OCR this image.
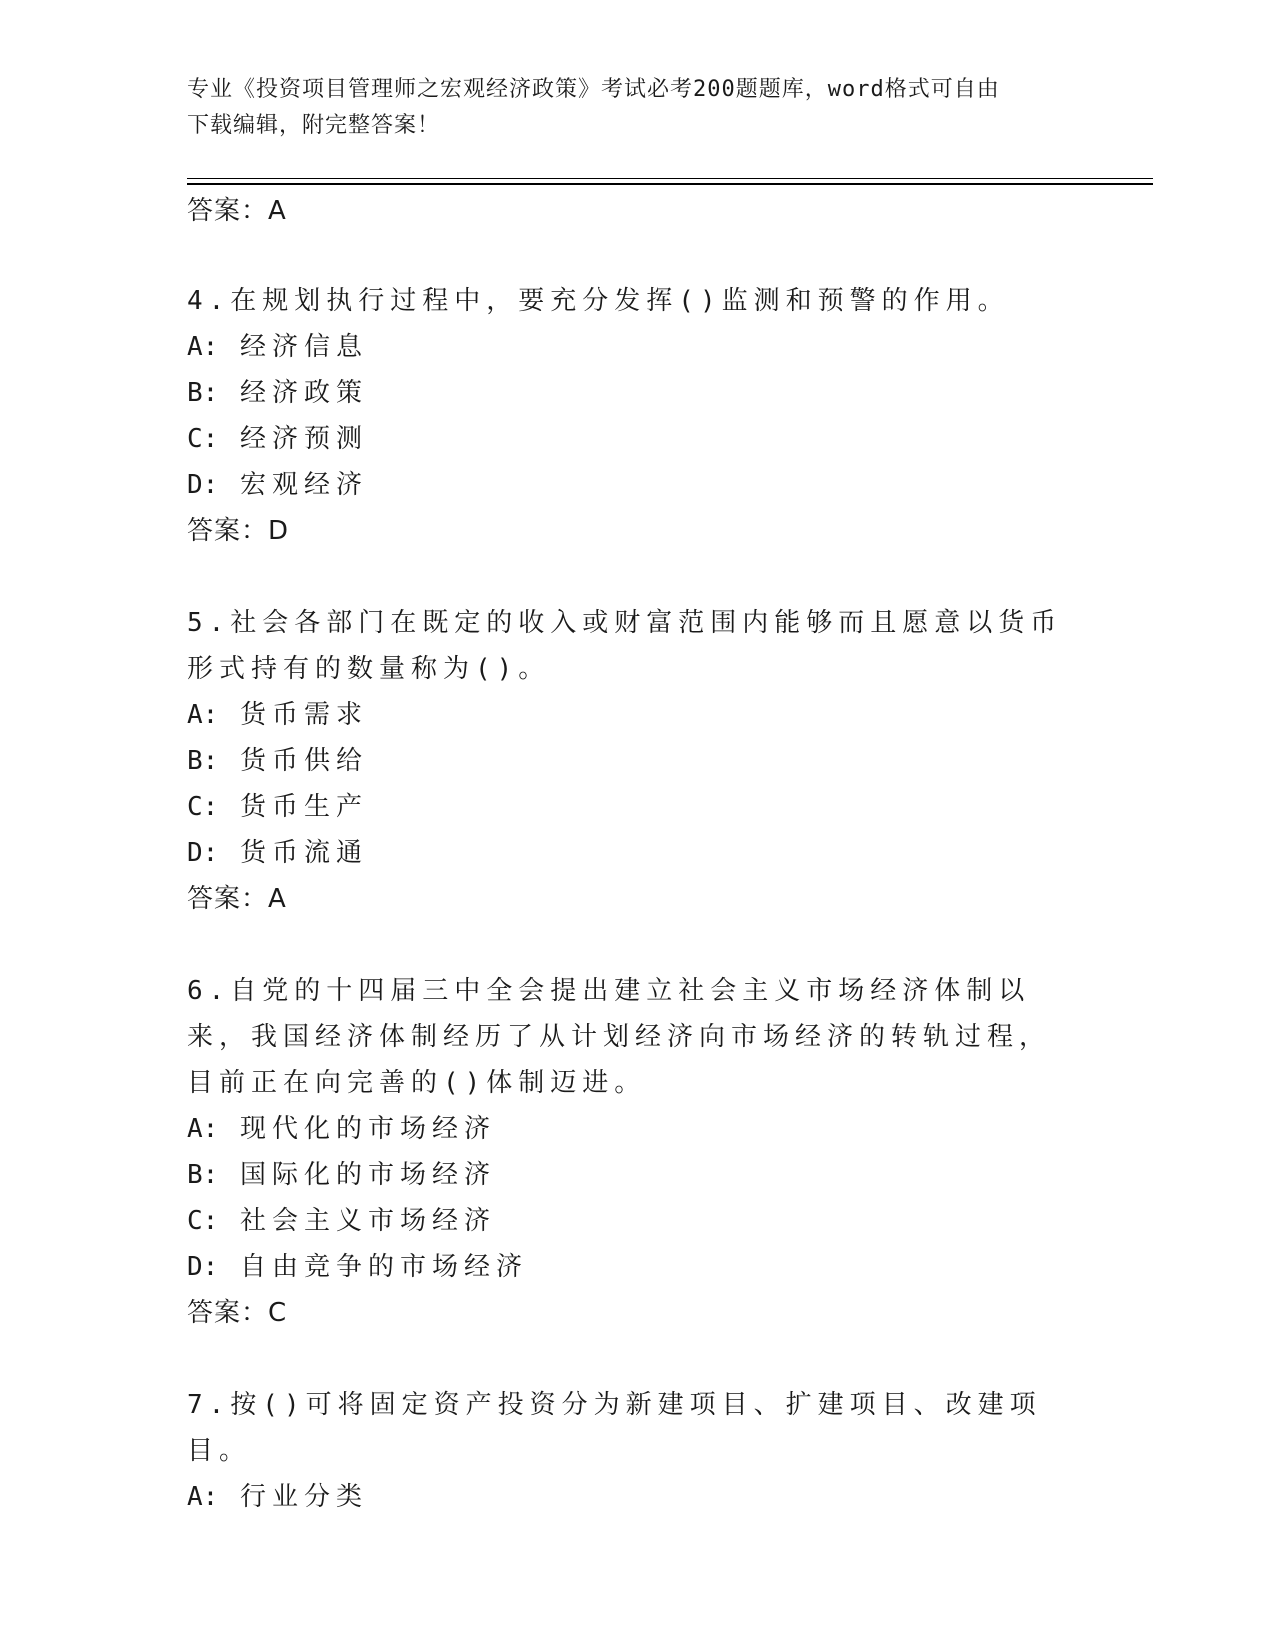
专业《投资项目管理师之宏观经济政策》考试必考200题题库，word格式可自由
下载编辑，附完整答案！
答案：A
4.在规划执行过程中，要充分发挥()监测和预警的作用。
A: 经济信息
B: 经济政策
C: 经济预测
D: 宏观经济
答案：D
5.社会各部门在既定的收入或财富范围内能够而且愿意以货币形式持有的数量称为()。
A: 货币需求
B: 货币供给
C: 货币生产
D: 货币流通
答案：A
6.自党的十四届三中全会提出建立社会主义市场经济体制以来，我国经济体制经历了从计划经济向市场经济的转轨过程，目前正在向完善的()体制迈进。
A: 现代化的市场经济
B: 国际化的市场经济
C: 社会主义市场经济
D: 自由竞争的市场经济
答案：C
7.按()可将固定资产投资分为新建项目、扩建项目、改建项目。
A: 行业分类
